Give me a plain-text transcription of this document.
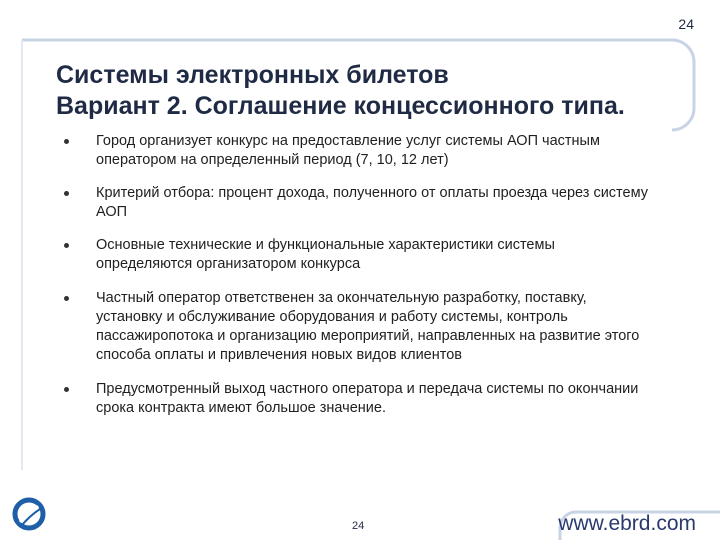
24
Системы электронных билетов
Вариант 2. Соглашение концессионного типа.
Город организует конкурс на предоставление услуг системы АОП частным
оператором на определенный период (7, 10, 12 лет)
Критерий отбора: процент дохода, полученного от оплаты проезда через систему
АОП
Основные технические и функциональные характеристики системы
определяются организатором конкурса
Частный оператор ответственен за окончательную разработку, поставку,
установку и обслуживание оборудования и работу системы, контроль
пассажиропотока и организацию мероприятий, направленных на развитие этого
способа оплаты и привлечения новых видов клиентов
Предусмотренный выход частного оператора и передача системы по окончании
срока контракта имеют большое значение.
24	www.ebrd.com
